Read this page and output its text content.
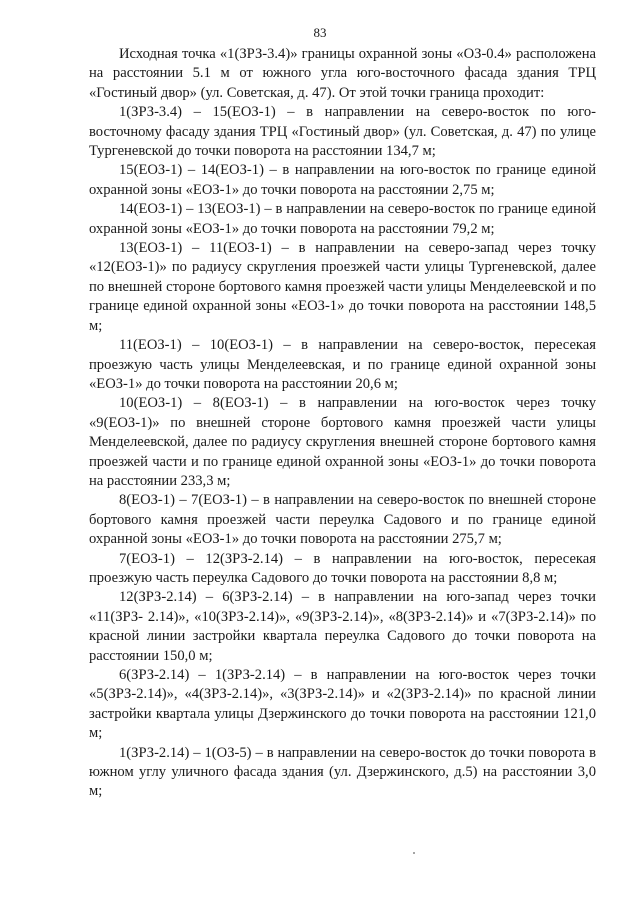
83

Исходная точка «1(ЗРЗ-3.4)» границы охранной зоны «ОЗ-0.4» расположена на расстоянии 5.1 м от южного угла юго-восточного фасада здания ТРЦ «Гостиный двор» (ул. Советская, д. 47). От этой точки граница проходит:

1(ЗРЗ-3.4) – 15(ЕОЗ-1) – в направлении на северо-восток по юго-восточному фасаду здания ТРЦ «Гостиный двор» (ул. Советская, д. 47) по улице Тургеневской до точки поворота на расстоянии 134,7 м;

15(ЕОЗ-1) – 14(ЕОЗ-1) – в направлении на юго-восток по границе единой охранной зоны «ЕОЗ-1» до точки поворота на расстоянии 2,75 м;

14(ЕОЗ-1) – 13(ЕОЗ-1) – в направлении на северо-восток по границе единой охранной зоны «ЕОЗ-1» до точки поворота на расстоянии 79,2 м;

13(ЕОЗ-1) – 11(ЕОЗ-1) – в направлении на северо-запад через точку «12(ЕОЗ-1)» по радиусу скругления проезжей части улицы Тургеневской, далее по внешней стороне бортового камня проезжей части улицы Менделеевской и по границе единой охранной зоны «ЕОЗ-1» до точки поворота на расстоянии 148,5 м;

11(ЕОЗ-1) – 10(ЕОЗ-1) – в направлении на северо-восток, пересекая проезжую часть улицы Менделеевская, и по границе единой охранной зоны «ЕОЗ-1» до точки поворота на расстоянии 20,6 м;

10(ЕОЗ-1) – 8(ЕОЗ-1) – в направлении на юго-восток через точку «9(ЕОЗ-1)» по внешней стороне бортового камня проезжей части улицы Менделеевской, далее по радиусу скругления внешней стороне бортового камня проезжей части и по границе единой охранной зоны «ЕОЗ-1» до точки поворота на расстоянии 233,3 м;

8(ЕОЗ-1) – 7(ЕОЗ-1) – в направлении на северо-восток по внешней стороне бортового камня проезжей части переулка Садового и по границе единой охранной зоны «ЕОЗ-1» до точки поворота на расстоянии 275,7 м;

7(ЕОЗ-1) – 12(ЗРЗ-2.14) – в направлении на юго-восток, пересекая проезжую часть переулка Садового до точки поворота на расстоянии 8,8 м;

12(ЗРЗ-2.14) – 6(ЗРЗ-2.14) – в направлении на юго-запад через точки «11(ЗРЗ- 2.14)», «10(ЗРЗ-2.14)», «9(ЗРЗ-2.14)», «8(ЗРЗ-2.14)» и «7(ЗРЗ-2.14)» по красной линии застройки квартала переулка Садового до точки поворота на расстоянии 150,0 м;

6(ЗРЗ-2.14) – 1(ЗРЗ-2.14) – в направлении на юго-восток через точки «5(ЗРЗ-2.14)», «4(ЗРЗ-2.14)», «3(ЗРЗ-2.14)» и «2(ЗРЗ-2.14)» по красной линии застройки квартала улицы Дзержинского до точки поворота на расстоянии 121,0 м;

1(ЗРЗ-2.14) – 1(ОЗ-5) – в направлении на северо-восток до точки поворота в южном углу уличного фасада здания (ул. Дзержинского, д.5) на расстоянии 3,0 м;
